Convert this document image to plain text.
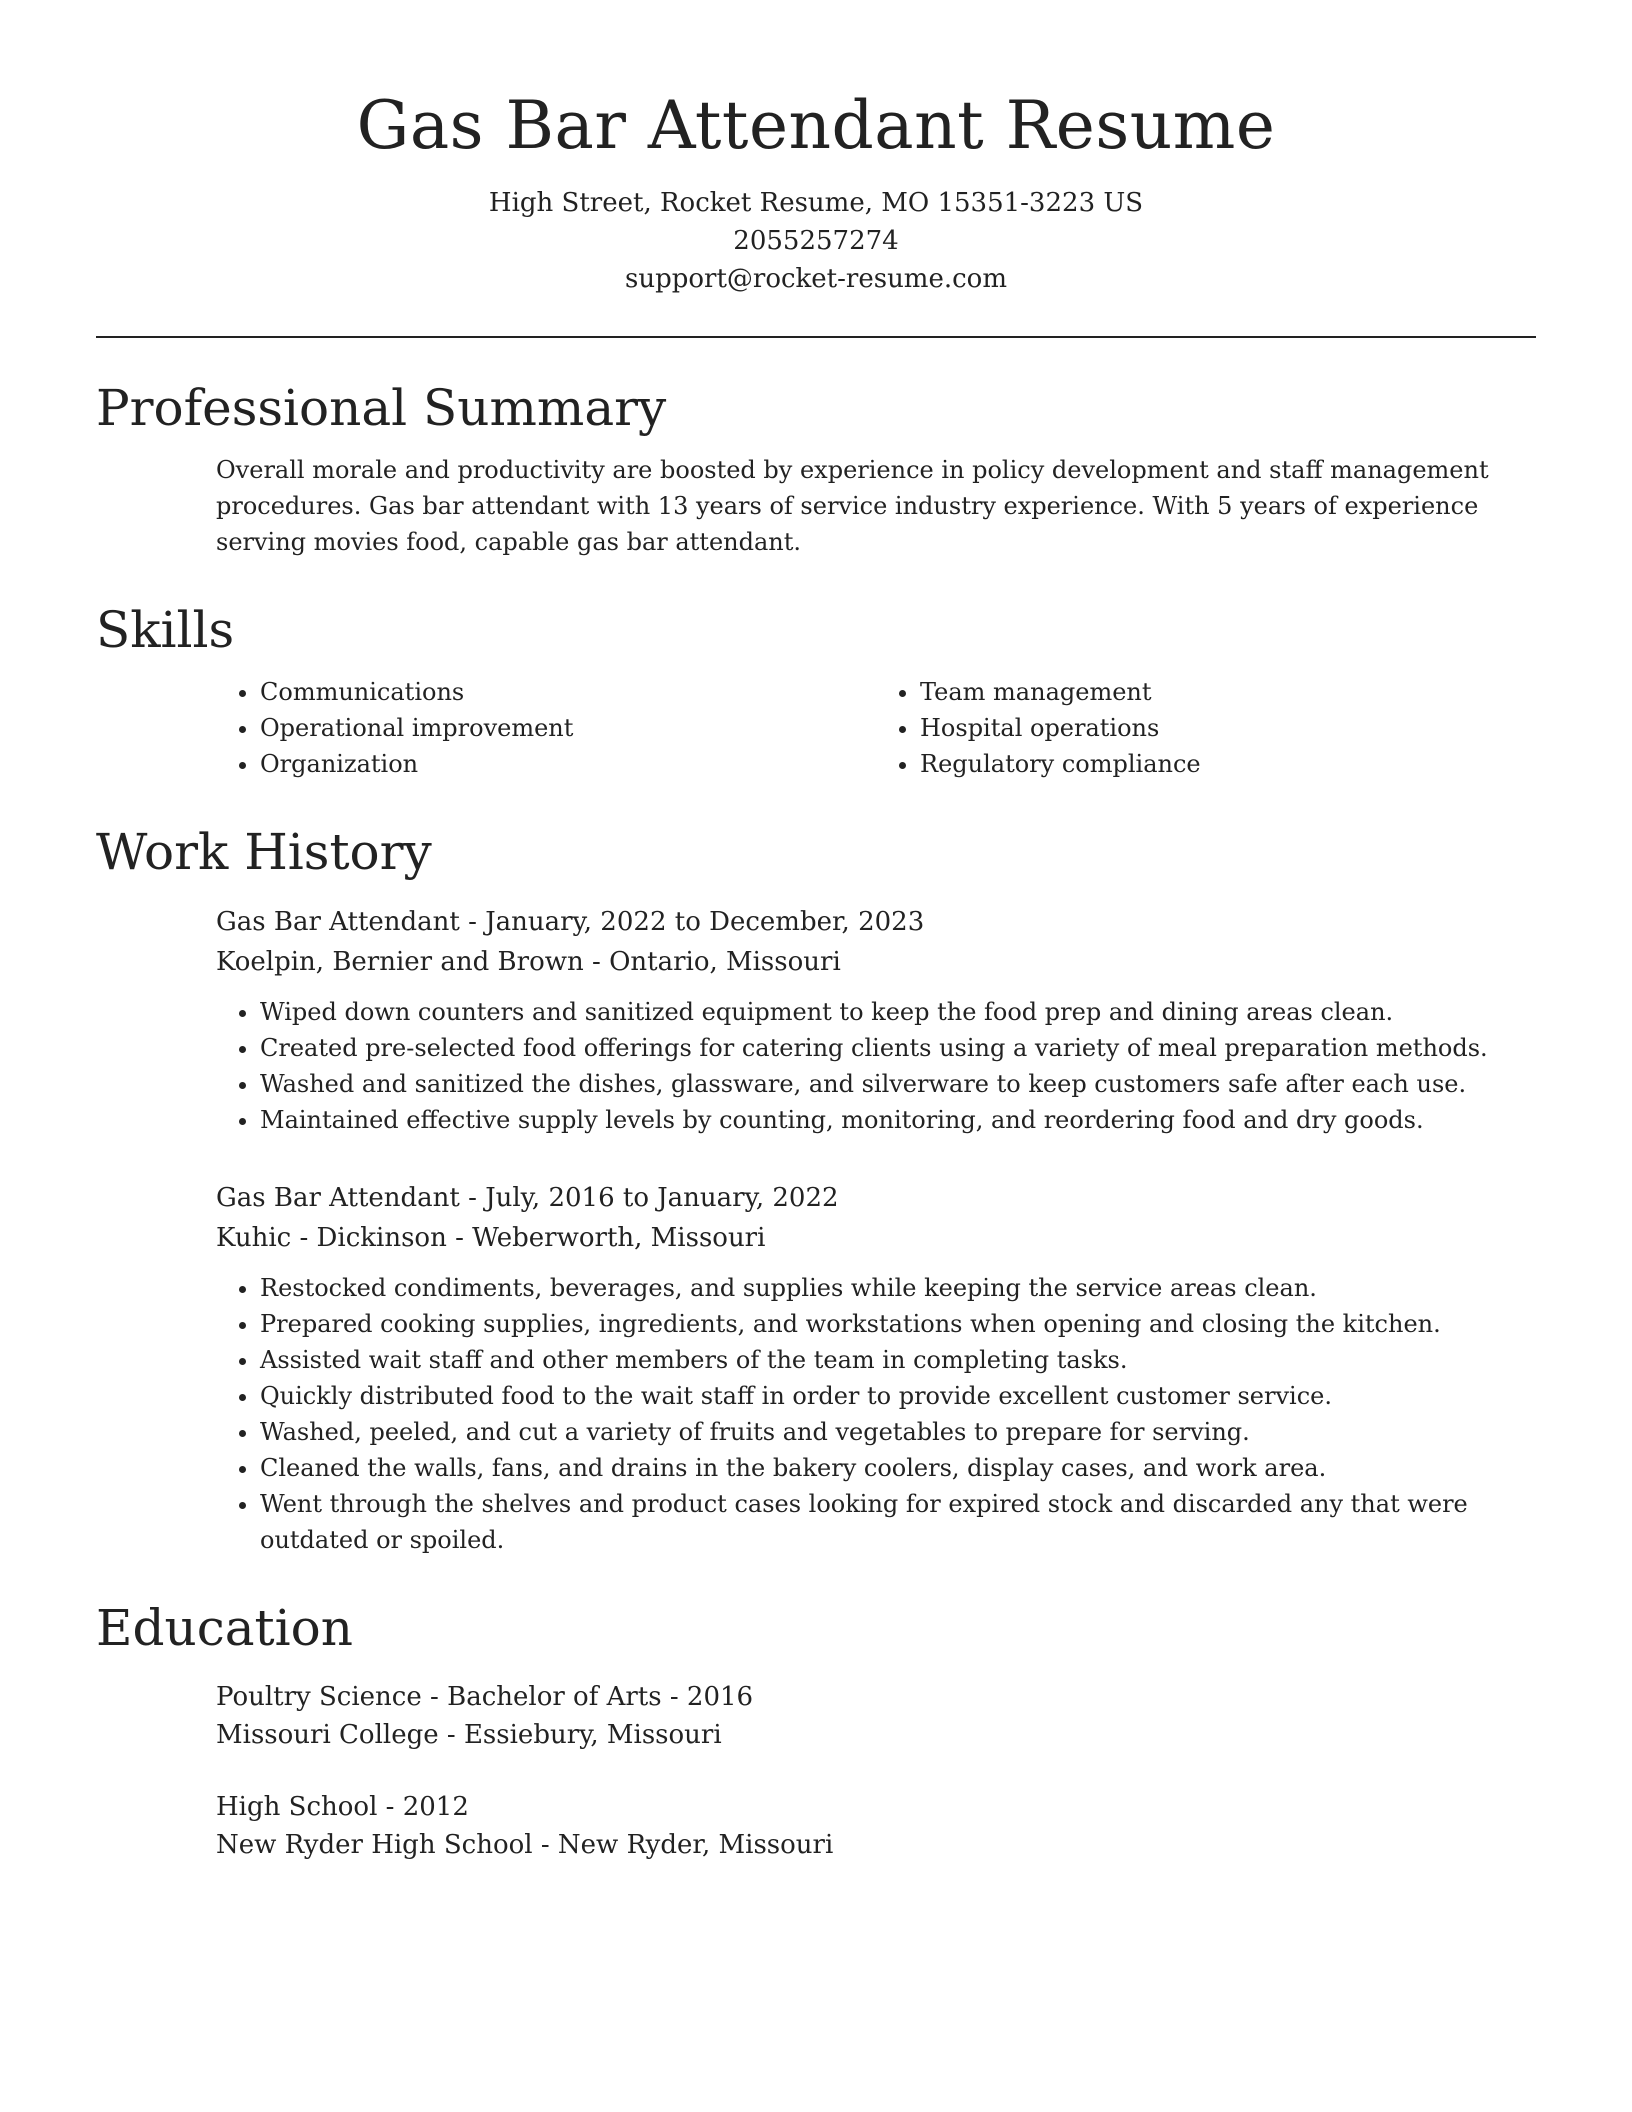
Gas Bar Attendant Resume
High Street, Rocket Resume, MO 15351-3223 US
2055257274
support@rocket-resume.com
Professional Summary

Overall morale and productivity are boosted by experience in policy development and staff management procedures. Gas bar attendant with 13 years of service industry experience. With 5 years of experience serving movies food, capable gas bar attendant.

Skills
• Communications
• Operational improvement
• Organization
• Team management
• Hospital operations
• Regulatory compliance
Work History
Gas Bar Attendant - January, 2022 to December, 2023
Koelpin, Bernier and Brown - Ontario, Missouri
• Wiped down counters and sanitized equipment to keep the food prep and dining areas clean.
• Created pre-selected food offerings for catering clients using a variety of meal preparation methods.
• Washed and sanitized the dishes, glassware, and silverware to keep customers safe after each use.
• Maintained effective supply levels by counting, monitoring, and reordering food and dry goods.
Gas Bar Attendant - July, 2016 to January, 2022
Kuhic - Dickinson - Weberworth, Missouri
• Restocked condiments, beverages, and supplies while keeping the service areas clean.
• Prepared cooking supplies, ingredients, and workstations when opening and closing the kitchen.
• Assisted wait staff and other members of the team in completing tasks.
• Quickly distributed food to the wait staff in order to provide excellent customer service.
• Washed, peeled, and cut a variety of fruits and vegetables to prepare for serving.
• Cleaned the walls, fans, and drains in the bakery coolers, display cases, and work area.
• Went through the shelves and product cases looking for expired stock and discarded any that were outdated or spoiled.
Education
Poultry Science - Bachelor of Arts - 2016
Missouri College - Essiebury, Missouri
High School - 2012
New Ryder High School - New Ryder, Missouri
